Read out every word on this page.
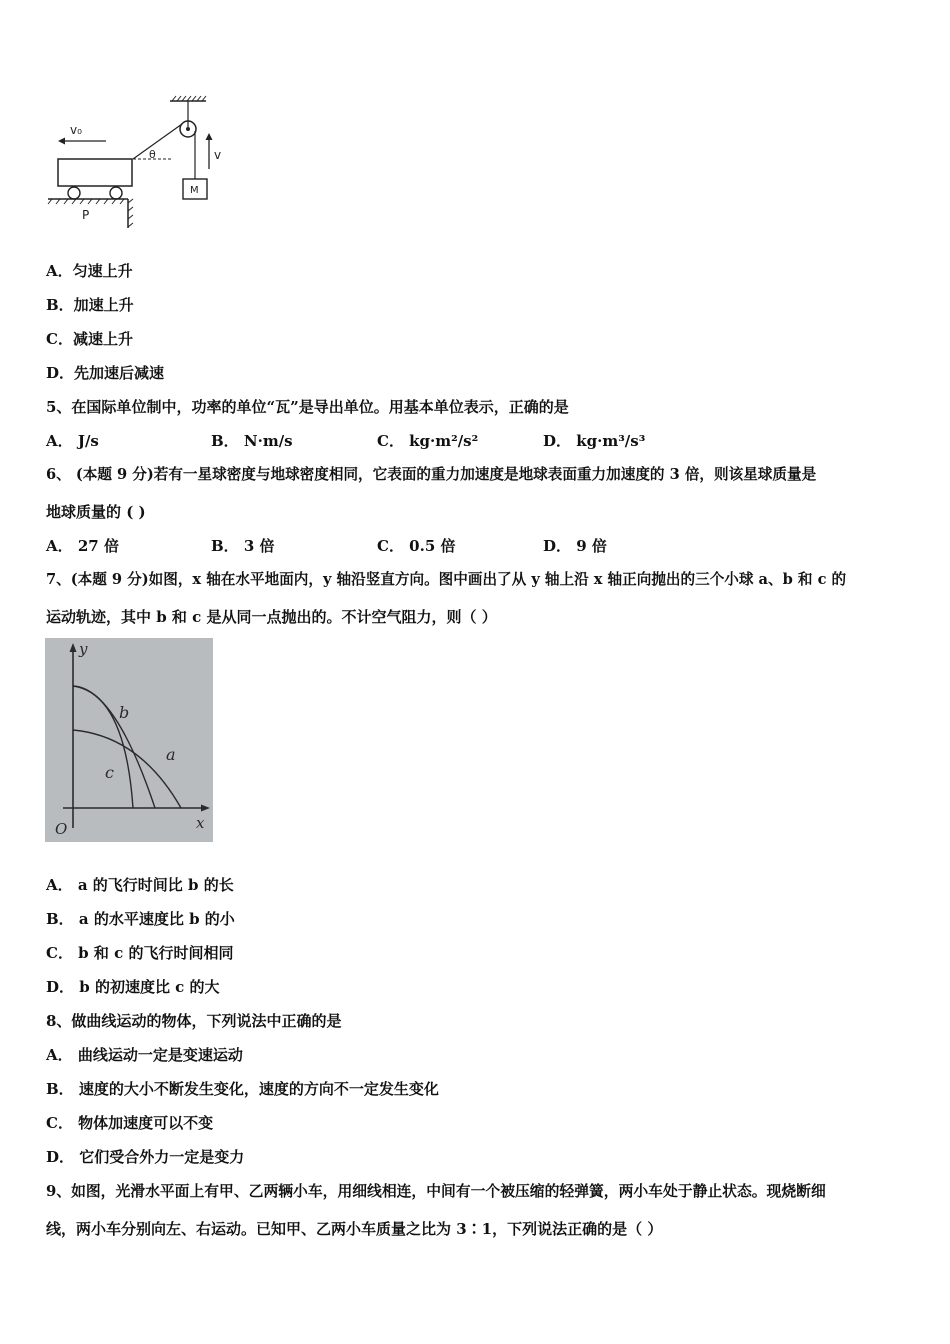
v₀
θ	v
M
P
A．匀速上升
B．加速上升
C．减速上升
D．先加速后减速
5、在国际单位制中，功率的单位“瓦”是导出单位。用基本单位表示，正确的是
A． J/s	B． N·m/s	C． kg·m²/s²	D． kg·m³/s³
6、 (本题 9 分)若有一星球密度与地球密度相同，它表面的重力加速度是地球表面重力加速度的 3 倍，则该星球质量是
地球质量的 ( )
A． 27 倍	B． 3 倍	C． 0.5 倍	D． 9 倍
7、(本题 9 分)如图，x 轴在水平地面内，y 轴沿竖直方向。图中画出了从 y 轴上沿 x 轴正向抛出的三个小球 a、b 和 c 的
运动轨迹，其中 b 和 c 是从同一点抛出的。不计空气阻力，则（ ）
y
x
O
b
c
a
A． a 的飞行时间比 b 的长
B． a 的水平速度比 b 的小
C． b 和 c 的飞行时间相同
D． b 的初速度比 c 的大
8、做曲线运动的物体，下列说法中正确的是
A． 曲线运动一定是变速运动
B． 速度的大小不断发生变化，速度的方向不一定发生变化
C． 物体加速度可以不变
D． 它们受合外力一定是变力
9、如图，光滑水平面上有甲、乙两辆小车，用细线相连，中间有一个被压缩的轻弹簧，两小车处于静止状态。现烧断细
线，两小车分别向左、右运动。已知甲、乙两小车质量之比为 3∶1，下列说法正确的是（ ）
